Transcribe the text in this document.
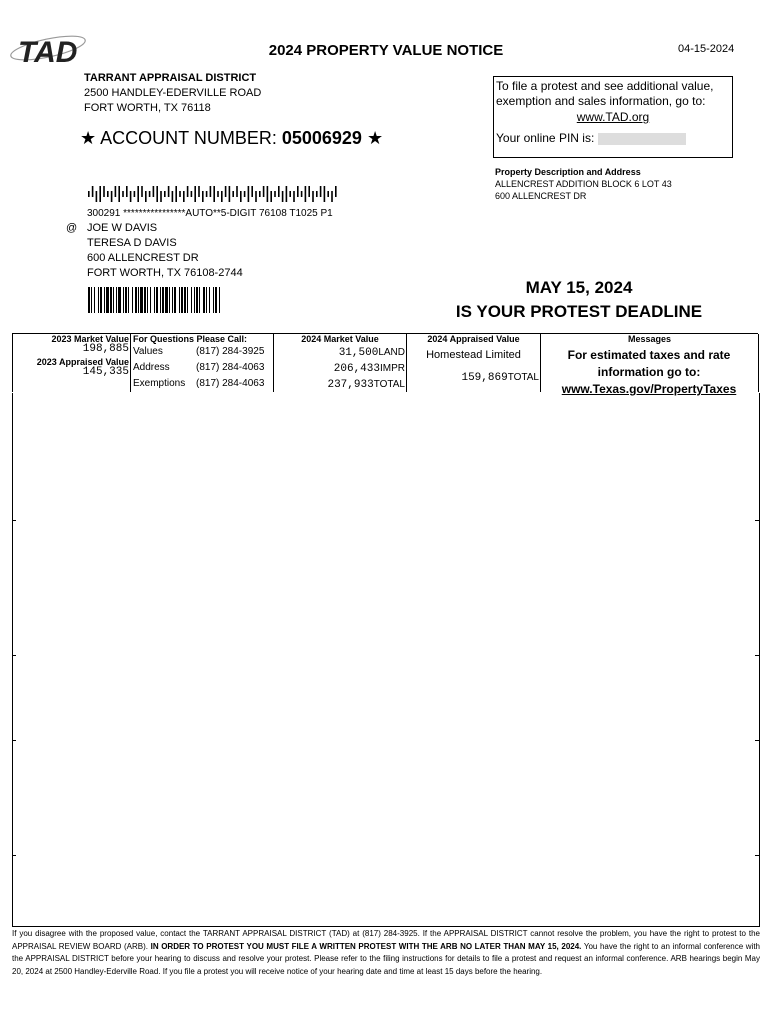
TAD	2024 PROPERTY VALUE NOTICE	04-15-2024
TARRANT APPRAISAL DISTRICT
2500 HANDLEY-EDERVILLE ROAD
FORT WORTH, TX 76118
★ ACCOUNT NUMBER: 05006929 ★
To file a protest and see additional value, exemption and sales information, go to:
www.TAD.org
Your online PIN is:
Property Description and Address
ALLENCREST ADDITION BLOCK 6 LOT 43
600 ALLENCREST DR
300291 ****************AUTO**5-DIGIT 76108 T1025 P1
@ JOE W DAVIS
TERESA D DAVIS
600 ALLENCREST DR
FORT WORTH, TX 76108-2744
MAY 15, 2024
IS YOUR PROTEST DEADLINE
2023 Market Value
198,885
2023 Appraised Value
145,335
For Questions Please Call:
Values	(817) 284-3925
Address	(817) 284-4063
Exemptions (817) 284-4063
2024 Market Value
31,500LAND
206,433IMPR
237,933TOTAL
2024 Appraised Value
Homestead Limited
159,869TOTAL
Messages
For estimated taxes and rate information go to:
www.Texas.gov/PropertyTaxes
If you disagree with the proposed value, contact the TARRANT APPRAISAL DISTRICT (TAD) at (817) 284-3925. If the APPRAISAL DISTRICT cannot resolve the problem, you have the right to protest to the APPRAISAL REVIEW BOARD (ARB). IN ORDER TO PROTEST YOU MUST FILE A WRITTEN PROTEST WITH THE ARB NO LATER THAN MAY 15, 2024. You have the right to an informal conference with the APPRAISAL DISTRICT before your hearing to discuss and resolve your protest. Please refer to the filing instructions for details to file a protest and request an informal conference. ARB hearings begin May 20, 2024 at 2500 Handley-Ederville Road. If you file a protest you will receive notice of your hearing date and time at least 15 days before the hearing.
